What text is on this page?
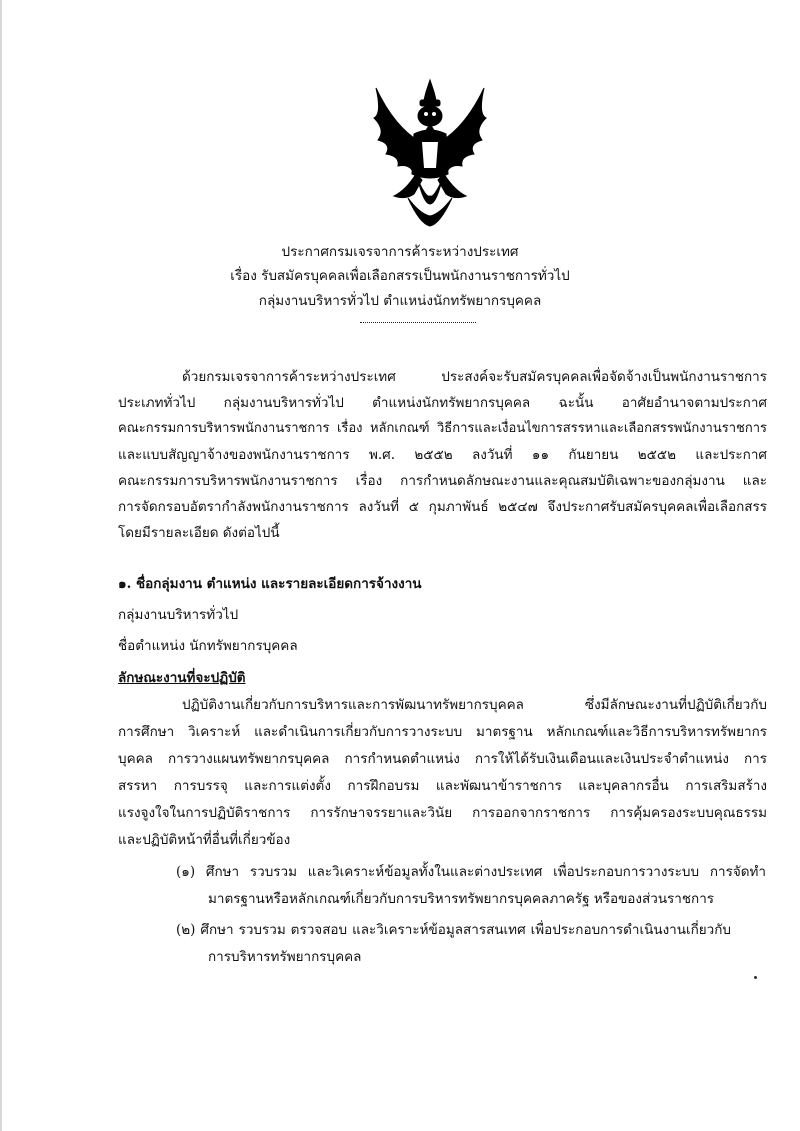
ประกาศกรมเจรจาการค้าระหว่างประเทศ
เรื่อง รับสมัครบุคคลเพื่อเลือกสรรเป็นพนักงานราชการทั่วไป
กลุ่มงานบริหารทั่วไป ตำแหน่งนักทรัพยากรบุคคล
ด้วยกรมเจรจาการค้าระหว่างประเทศ ประสงค์จะรับสมัครบุคคลเพื่อจัดจ้างเป็นพนักงานราชการ
ประเภททั่วไป กลุ่มงานบริหารทั่วไป ตำแหน่งนักทรัพยากรบุคคล ฉะนั้น อาศัยอำนาจตามประกาศ
คณะกรรมการบริหารพนักงานราชการ เรื่อง หลักเกณฑ์ วิธีการและเงื่อนไขการสรรหาและเลือกสรรพนักงานราชการ
และแบบสัญญาจ้างของพนักงานราชการ พ.ศ. ๒๕๕๒ ลงวันที่ ๑๑ กันยายน ๒๕๕๒ และประกาศ
คณะกรรมการบริหารพนักงานราชการ เรื่อง การกำหนดลักษณะงานและคุณสมบัติเฉพาะของกลุ่มงาน และ
การจัดกรอบอัตรากำลังพนักงานราชการ ลงวันที่ ๕ กุมภาพันธ์ ๒๕๔๗ จึงประกาศรับสมัครบุคคลเพื่อเลือกสรร
โดยมีรายละเอียด ดังต่อไปนี้
๑. ชื่อกลุ่มงาน ตำแหน่ง และรายละเอียดการจ้างงาน
กลุ่มงานบริหารทั่วไป
ชื่อตำแหน่ง นักทรัพยากรบุคคล
ลักษณะงานที่จะปฏิบัติ
ปฏิบัติงานเกี่ยวกับการบริหารและการพัฒนาทรัพยากรบุคคล ซึ่งมีลักษณะงานที่ปฏิบัติเกี่ยวกับ
การศึกษา วิเคราะห์ และดำเนินการเกี่ยวกับการวางระบบ มาตรฐาน หลักเกณฑ์และวิธีการบริหารทรัพยากร
บุคคล การวางแผนทรัพยากรบุคคล การกำหนดตำแหน่ง การให้ได้รับเงินเดือนและเงินประจำตำแหน่ง การ
สรรหา การบรรจุ และการแต่งตั้ง การฝึกอบรม และพัฒนาข้าราชการ และบุคลากรอื่น การเสริมสร้าง
แรงจูงใจในการปฏิบัติราชการ การรักษาจรรยาและวินัย การออกจากราชการ การคุ้มครองระบบคุณธรรม
และปฏิบัติหน้าที่อื่นที่เกี่ยวข้อง
(๑) ศึกษา รวบรวม และวิเคราะห์ข้อมูลทั้งในและต่างประเทศ เพื่อประกอบการวางระบบ การจัดทำ
มาตรฐานหรือหลักเกณฑ์เกี่ยวกับการบริหารทรัพยากรบุคคลภาครัฐ หรือของส่วนราชการ
(๒) ศึกษา รวบรวม ตรวจสอบ และวิเคราะห์ข้อมูลสารสนเทศ เพื่อประกอบการดำเนินงานเกี่ยวกับ
การบริหารทรัพยากรบุคคล
